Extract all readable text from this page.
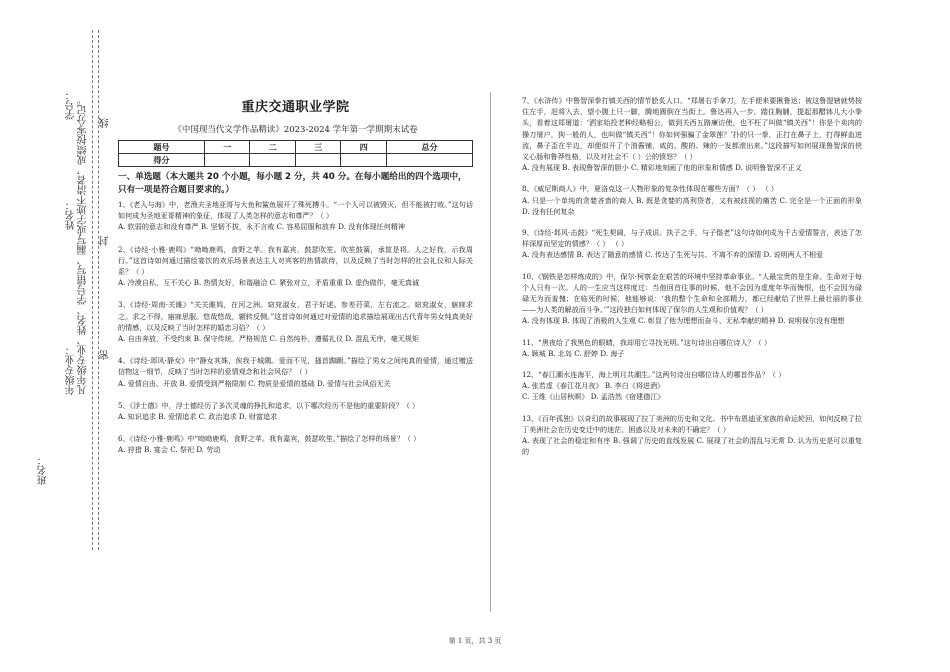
学号：
姓名：
年级专业：
班名：
凡年级专业、姓名、学号错写、漏写或字迹不清者，成绩按零分记。 线
封
密
重庆交通职业学院
《中国现当代文学作品精读》2023-2024 学年第一学期期末试卷
题号	一	二	三	四	总分
得分					
一、单选题（本大题共 20 个小题，每小题 2 分，共 40 分。在每小题给出的四个选项中，只有一项是符合题目要求的。）
1、《老人与海》中，老渔夫圣地亚哥与大鱼和鲨鱼展开了殊死搏斗。“一个人可以被毁灭，但不能被打败。”这句话如何成为圣地亚哥精神的象征，体现了人类怎样的意志和尊严？（ ）
A. 软弱的意志和没有尊严 B. 坚韧不拔，永不言败 C. 容易屈服和放弃 D. 没有体现任何精神
2、《诗经·小雅·鹿鸣》“呦呦鹿鸣，食野之苹。我有嘉宾，鼓瑟吹笙。吹笙鼓簧，承筐是将。人之好我，示我周行。”这首诗如何通过描绘宴饮的欢乐场景表达主人对宾客的热情款待，以及反映了当时怎样的社会礼仪和人际关系？（ ）
A. 冷漠自私，互不关心 B. 热情友好，和谐融洽 C. 紧张对立，矛盾重重 D. 虚伪做作，毫无真诚
3、《诗经·周南·关雎》“关关雎鸠，在河之洲。窈窕淑女，君子好逑。参差荇菜，左右流之。窈窕淑女，寤寐求之。求之不得，寤寐思服。悠哉悠哉，辗转反侧。”这首诗如何通过对爱情的追求描绘展现出古代青年男女纯真美好的情感，以及反映了当时怎样的婚恋习俗？（ ）
A. 自由奔放，不受约束 B. 保守传统，严格规范 C. 自然纯朴，遵循礼仪 D. 混乱无序，毫无规矩
4、《诗经·邶风·静女》中“静女其姝，俟我于城隅。爱而不见，搔首踟蹰。”描绘了男女之间纯真的爱情，通过赠送信物这一细节，反映了当时怎样的爱情观念和社会风俗？（ ）
A. 爱情自由、开放 B. 爱情受到严格限制 C. 物质是爱情的基础 D. 爱情与社会风俗无关
5、《浮士德》中，浮士德经历了多次灵魂的挣扎和追求，以下哪次经历不是他的重要阶段？（ ）
A. 知识追求 B. 爱情追求 C. 政治追求 D. 财富追求
6、《诗经·小雅·鹿鸣》中“呦呦鹿鸣，食野之苹。我有嘉宾，鼓瑟吹笙。”描绘了怎样的场景？（ ）
A. 狩猎 B. 宴会 C. 祭祀 D. 劳动
7、《水浒传》中鲁智深拳打镇关西的情节脍炙人口。“郑屠右手拿刀，左手便来要揪鲁达；被这鲁提辖就势按住左手，赶将入去，望小腹上只一脚，腾地踢倒在当街上。鲁达再入一步，踏住胸脯，提起那醋钵儿大小拳头，看着这郑屠道：‘洒家始投老种经略相公，做到关西五路廉访使，也不枉了叫做“镇关西”！你是个卖肉的操刀屠户，狗一般的人，也叫做“镇关西”！你如何强骗了金翠莲？’扑的只一拳，正打在鼻子上，打得鲜血迸流，鼻子歪在半边，却便似开了个油酱铺，咸的、酸的、辣的一发都滚出来。”这段描写如何展现鲁智深的侠义心肠和鲁莽性格，以及对社会不（ ）公的愤怒？（ ）
A. 没有展现 B. 表现鲁智深的胆小 C. 精彩地刻画了他的形象和情感 D. 说明鲁智深不正义
8、《威尼斯商人》中，夏洛克这一人物形象的复杂性体现在哪些方面？（ ） （ ）
A. 只是一个单纯的贪婪吝啬的商人 B. 既是贪婪的高利贷者，又有被歧视的痛苦 C. 完全是一个正面的形象 D. 没有任何复杂
9、《诗经·邶风·击鼓》“死生契阔，与子成说。执子之手，与子偕老”这句诗如何成为千古爱情誓言，表达了怎样深厚而坚定的情感？（ ） （ ）
A. 没有表达感情 B. 表达了随意的感情 C. 传达了生死与共、不离不弃的深情 D. 说明两人不相爱
10、《钢铁是怎样炼成的》中，保尔·柯察金在艰苦的环境中坚持革命事业。“人最宝贵的是生命。生命对于每个人只有一次。人的一生应当这样度过：当他回首往事的时候，他不会因为虚度年华而悔恨，也不会因为碌碌无为而羞愧；在临死的时候，他能够说：‘我的整个生命和全部精力，都已经献给了世界上最壮丽的事业——为人类的解放而斗争。’”这段独白如何体现了保尔的人生观和价值观？（ ）
A. 没有体现 B. 体现了消极的人生观 C. 彰显了他为理想而奋斗、无私奉献的精神 D. 说明保尔没有理想
11、“黑夜给了我黑色的眼睛，我却用它寻找光明。”这句诗出自哪位诗人？（ ）
A. 顾城 B. 北岛 C. 舒婷 D. 海子
12、“春江潮水连海平，海上明月共潮生。”这两句诗出自哪位诗人的哪首作品？（ ）
A. 张若虚《春江花月夜》 B. 李白《将进酒》
C. 王维《山居秋暝》 D. 孟浩然《宿建德江》
13、《百年孤独》以奇幻的故事展现了拉丁美洲的历史和文化。书中布恩迪亚家族的命运轮回，如何反映了拉丁美洲社会在历史变迁中的迷茫、困惑以及对未来的不确定？（ ）
A. 表现了社会的稳定和有序 B. 强调了历史的直线发展 C. 展现了社会的混乱与无常 D. 认为历史是可以重复的
第 1 页，共 3 页
